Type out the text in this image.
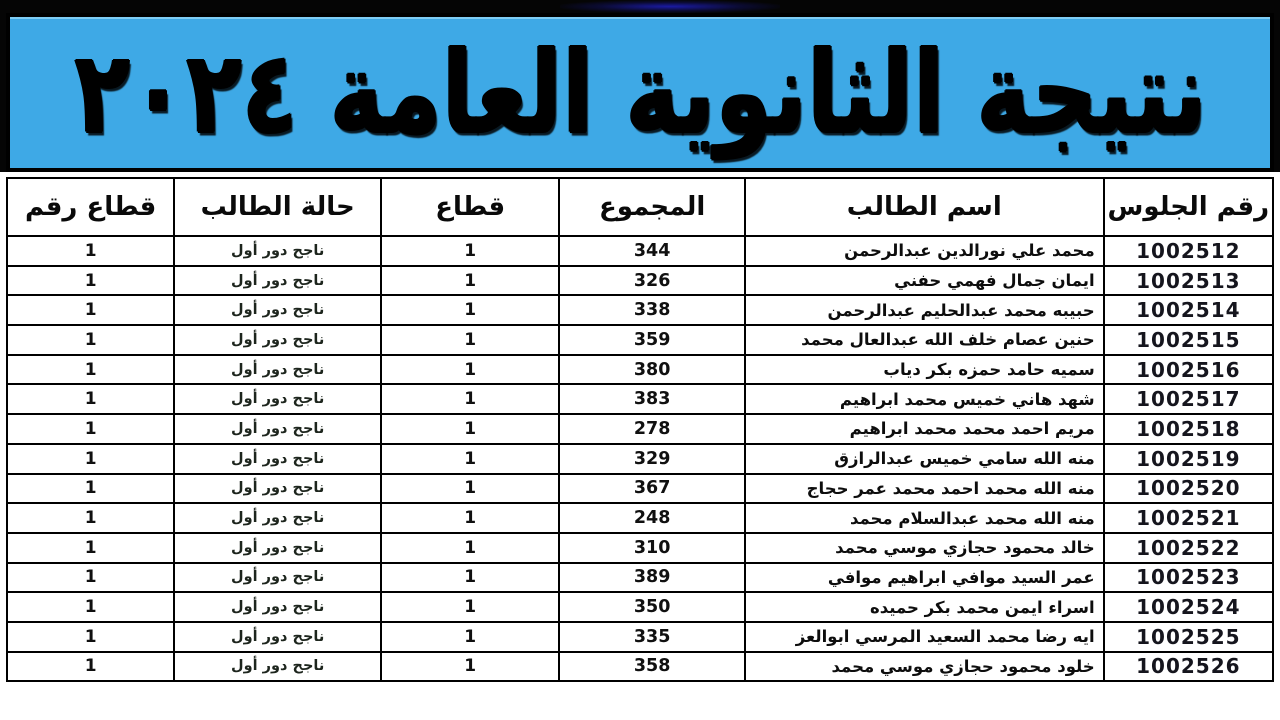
نتيجة الثانوية العامة ٢٠٢٤
رقم الجلوس	اسم الطالب	المجموع	قطاع	حالة الطالب	قطاع رقم
1002512	محمد علي نورالدين عبدالرحمن	344	1	ناجح دور أول	1
1002513	ايمان جمال فهمي حفني	326	1	ناجح دور أول	1
1002514	حبيبه محمد عبدالحليم عبدالرحمن	338	1	ناجح دور أول	1
1002515	حنين عصام خلف الله عبدالعال محمد	359	1	ناجح دور أول	1
1002516	سميه حامد حمزه بكر دياب	380	1	ناجح دور أول	1
1002517	شهد هاني خميس محمد ابراهيم	383	1	ناجح دور أول	1
1002518	مريم احمد محمد محمد ابراهيم	278	1	ناجح دور أول	1
1002519	منه الله سامي خميس عبدالرازق	329	1	ناجح دور أول	1
1002520	منه الله محمد احمد محمد عمر حجاج	367	1	ناجح دور أول	1
1002521	منه الله محمد عبدالسلام محمد	248	1	ناجح دور أول	1
1002522	خالد محمود حجازي موسي محمد	310	1	ناجح دور أول	1
1002523	عمر السيد موافي ابراهيم موافي	389	1	ناجح دور أول	1
1002524	اسراء ايمن محمد بكر حميده	350	1	ناجح دور أول	1
1002525	ايه رضا محمد السعيد المرسي ابوالعز	335	1	ناجح دور أول	1
1002526	خلود محمود حجازي موسي محمد	358	1	ناجح دور أول	1
